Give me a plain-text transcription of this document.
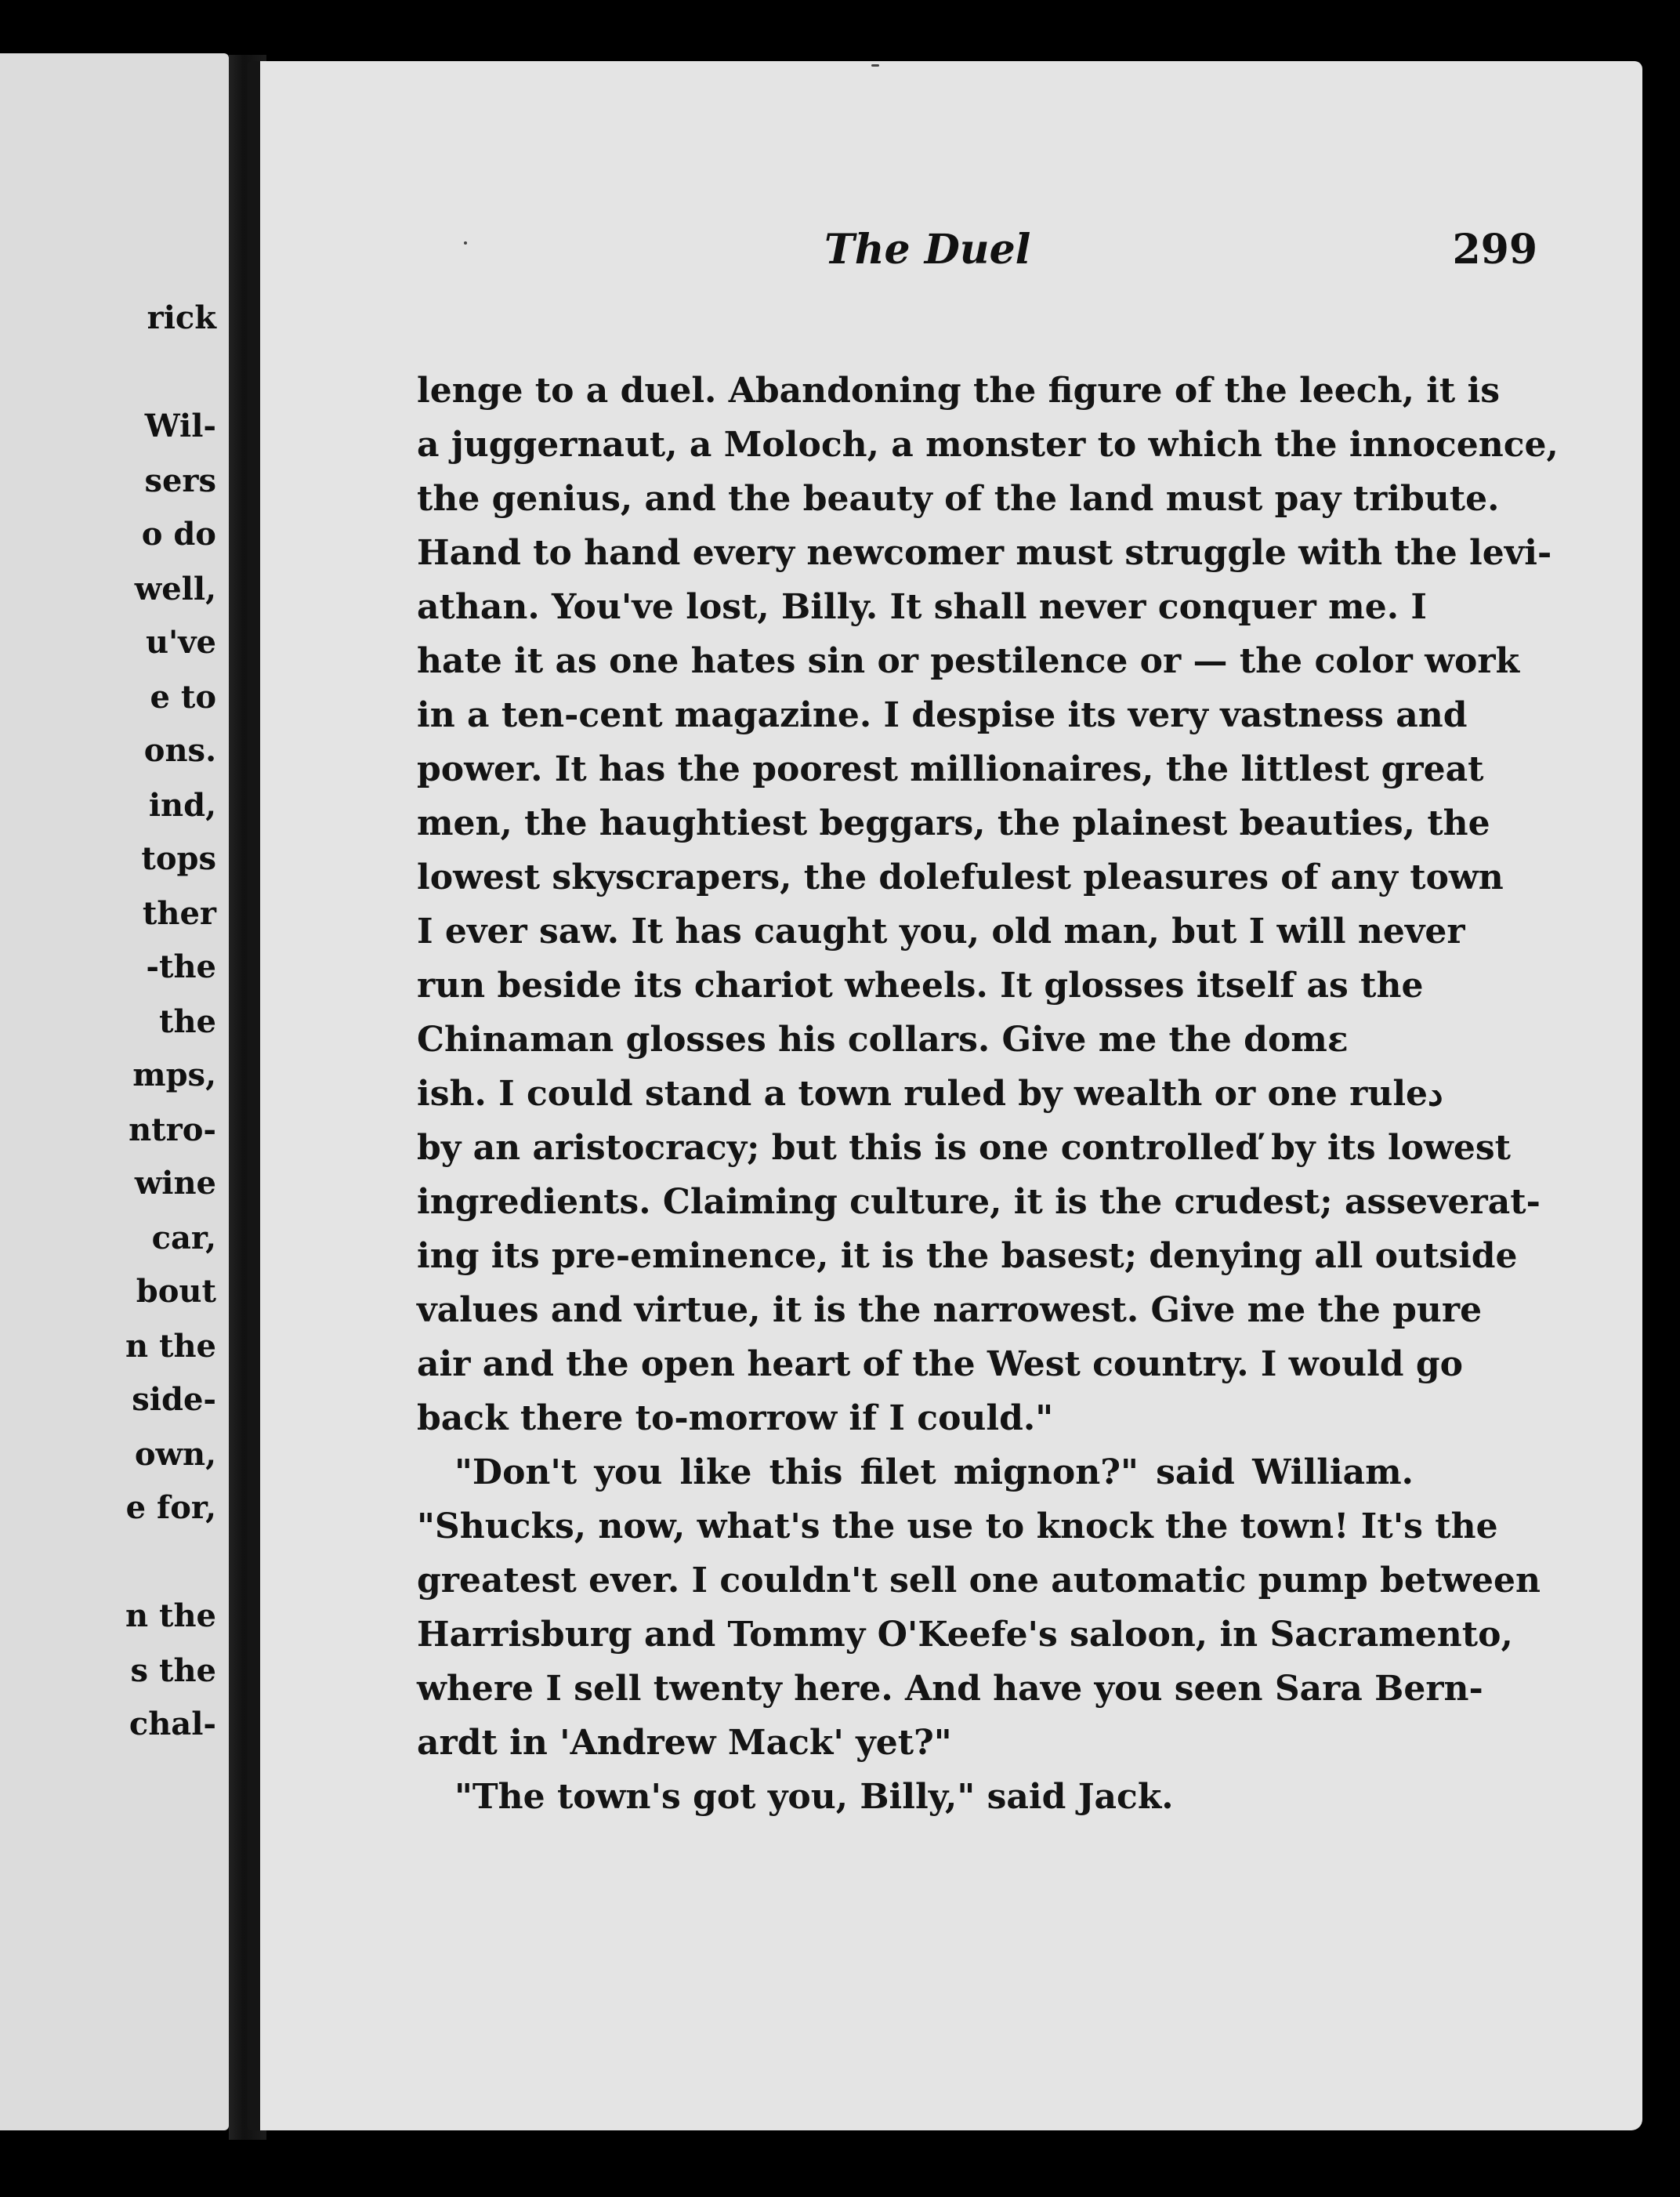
rick
Wil-
sers
o do
well,
u've
e to
ons.
ind,
tops
ther
-the
the
mps,
ntro-
wine
car,
bout
n the
side-
own,
e for,
n the
s the
chal-
The Duel	299
lenge to a duel. Abandoning the figure of the leech, it is
a juggernaut, a Moloch, a monster to which the innocence,
the genius, and the beauty of the land must pay tribute.
Hand to hand every newcomer must struggle with the levi-
athan. You've lost, Billy. It shall never conquer me. I
hate it as one hates sin or pestilence or — the color work
in a ten-cent magazine. I despise its very vastness and
power. It has the poorest millionaires, the littlest great
men, the haughtiest beggars, the plainest beauties, the
lowest skyscrapers, the dolefulest pleasures of any town
I ever saw. It has caught you, old man, but I will never
run beside its chariot wheels. It glosses itself as the
Chinaman glosses his collars. Give me the domε
ish. I could stand a town ruled by wealth or one ruleد
by an aristocracy; but this is one controlleď by its lowest
ingredients. Claiming culture, it is the crudest; asseverat-
ing its pre-eminence, it is the basest; denying all outside
values and virtue, it is the narrowest. Give me the pure
air and the open heart of the West country. I would go
back there to-morrow if I could."
"Don't you like this filet mignon?" said William.
"Shucks, now, what's the use to knock the town! It's the
greatest ever. I couldn't sell one automatic pump between
Harrisburg and Tommy O'Keefe's saloon, in Sacramento,
where I sell twenty here. And have you seen Sara Bern-
ardt in 'Andrew Mack' yet?"
"The town's got you, Billy," said Jack.
